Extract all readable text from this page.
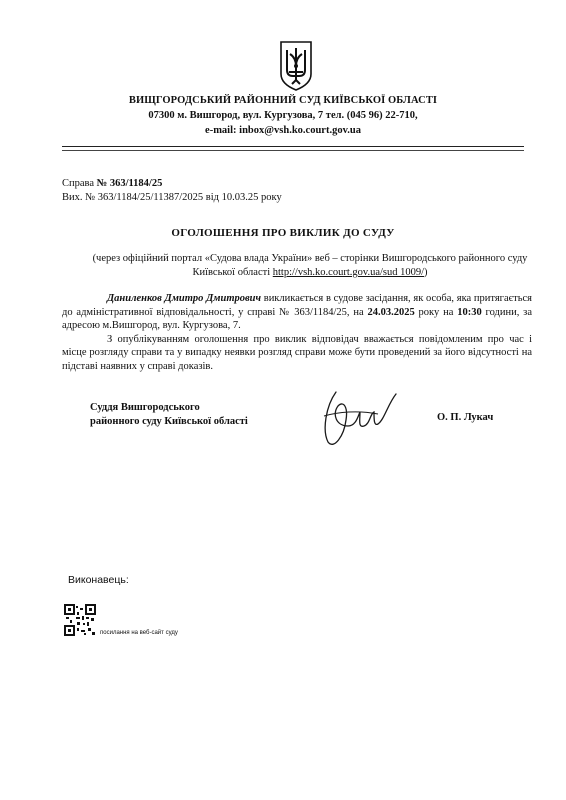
ВИЩГОРОДСЬКИЙ РАЙОННИЙ СУД КИЇВСЬКОЇ ОБЛАСТІ
07300 м. Вишгород, вул. Кургузова, 7 тел. (045 96) 22-710,
e-mail: inbox@vsh.ko.court.gov.ua
Справа № 363/1184/25
Вих. № 363/1184/25/11387/2025 від 10.03.25 року
ОГОЛОШЕННЯ ПРО ВИКЛИК ДО СУДУ
(через офіційний портал «Судова влада України» веб – сторінки Вишгородського районного суду Київської області http://vsh.ko.court.gov.ua/sud 1009/)

Даниленков Дмитро Дмитрович викликається в судове засідання, як особа, яка притягається до адміністративної відповідальності, у справі № 363/1184/25, на 24.03.2025 року на 10:30 години, за адресою м.Вишгород, вул. Кургузова, 7.

З опублікуванням оголошення про виклик відповідач вважається повідомленим про час і місце розгляду справи та у випадку неявки розгляд справи може бути проведений за його відсутності на підставі наявних у справі доказів.

Суддя Вишгородського
районного суду Київської області	О. П. Лукач
Виконавець:
посилання на веб-сайт суду
